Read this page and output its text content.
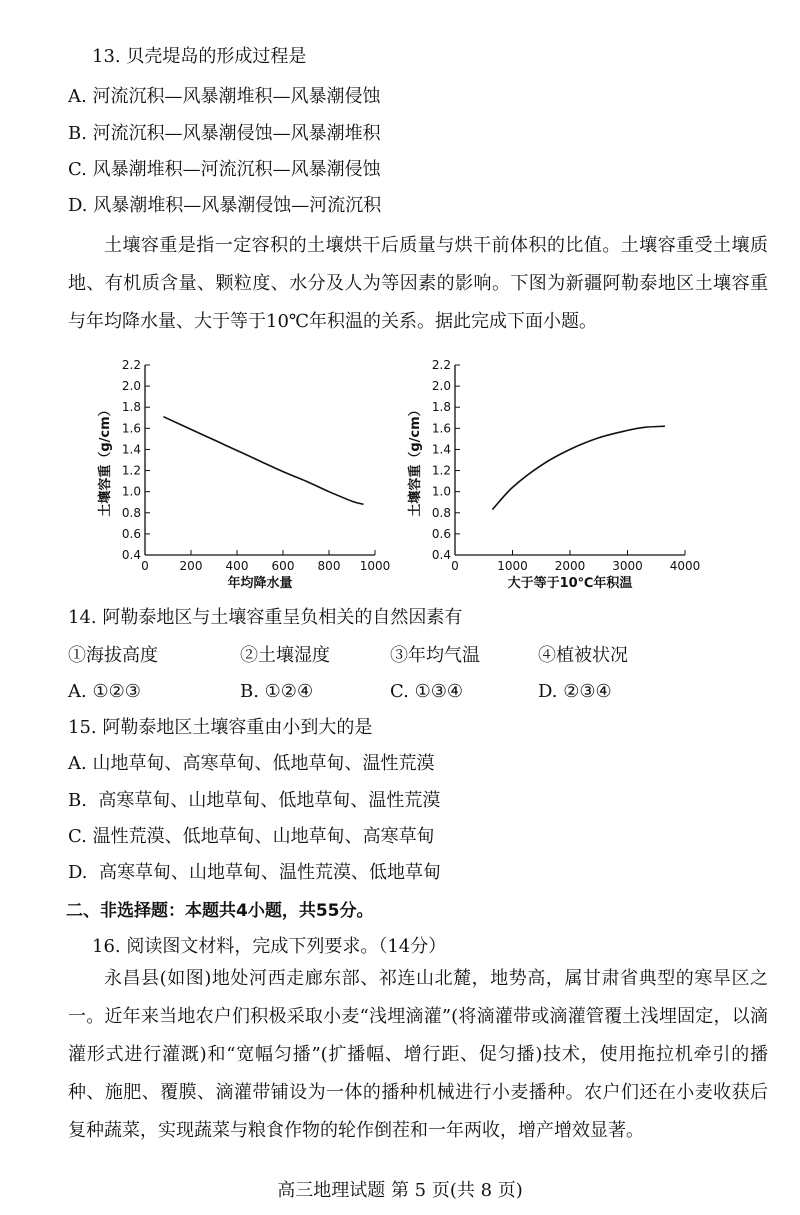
13. 贝壳堤岛的形成过程是
A. 河流沉积—风暴潮堆积—风暴潮侵蚀
B. 河流沉积—风暴潮侵蚀—风暴潮堆积
C. 风暴潮堆积—河流沉积—风暴潮侵蚀
D. 风暴潮堆积—风暴潮侵蚀—河流沉积

土壤容重是指一定容积的土壤烘干后质量与烘干前体积的比值。土壤容重受土壤质地、有机质含量、颗粒度、水分及人为等因素的影响。下图为新疆阿勒泰地区土壤容重与年均降水量、大于等于10℃年积温的关系。据此完成下面小题。

0.4
0.6
0.8
1.0
1.2
1.4
1.6
1.8
2.0
2.2
0	200 400 600 800 1000
年均降水量
土壤容重（g/cm）
0.4
0.6
0.8
1.0
1.2
1.4
1.6
1.8
2.0
2.2
0	1000 2000 3000 4000
大于等于10℃年积温
土壤容重（g/cm）
14. 阿勒泰地区与土壤容重呈负相关的自然因素有
①海拔高度	②土壤湿度	③年均气温	④植被状况
A. ①②③	B. ①②④	C. ①③④	D. ②③④
15. 阿勒泰地区土壤容重由小到大的是
A. 山地草甸、高寒草甸、低地草甸、温性荒漠
B.  高寒草甸、山地草甸、低地草甸、温性荒漠
C. 温性荒漠、低地草甸、山地草甸、高寒草甸
D.  高寒草甸、山地草甸、温性荒漠、低地草甸
二、非选择题：本题共4小题，共55分。
16. 阅读图文材料，完成下列要求。（14分）

永昌县(如图)地处河西走廊东部、祁连山北麓，地势高，属甘肃省典型的寒旱区之一。近年来当地农户们积极采取小麦“浅埋滴灌”(将滴灌带或滴灌管覆土浅埋固定，以滴灌形式进行灌溉)和“宽幅匀播”(扩播幅、增行距、促匀播)技术，使用拖拉机牵引的播种、施肥、覆膜、滴灌带铺设为一体的播种机械进行小麦播种。农户们还在小麦收获后复种蔬菜，实现蔬菜与粮食作物的轮作倒茬和一年两收，增产增效显著。

高三地理试题 第 5 页(共 8 页)
